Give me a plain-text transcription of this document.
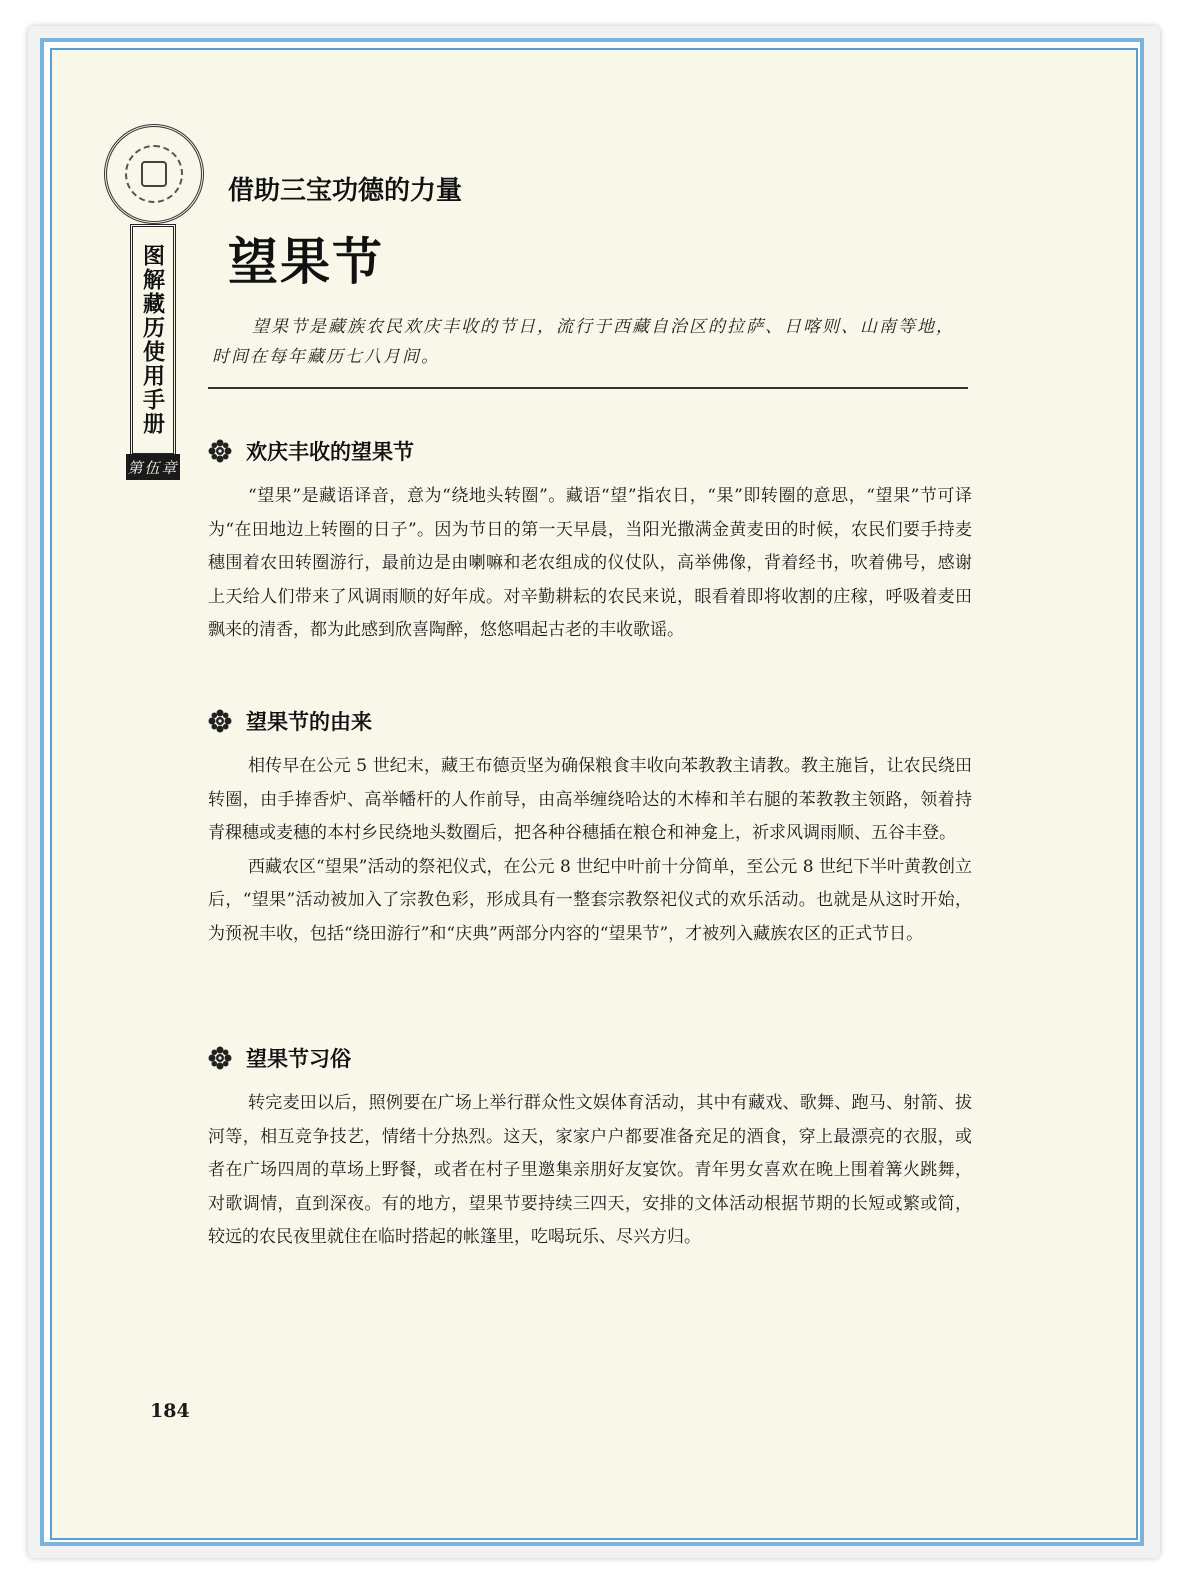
图解藏历使用手册
第伍章
借助三宝功德的力量
望果节

望果节是藏族农民欢庆丰收的节日，流行于西藏自治区的拉萨、日喀则、山南等地，时间在每年藏历七八月间。

欢庆丰收的望果节

“望果”是藏语译音，意为“绕地头转圈”。藏语“望”指农日，“果”即转圈的意思，“望果”节可译为“在田地边上转圈的日子”。因为节日的第一天早晨，当阳光撒满金黄麦田的时候，农民们要手持麦穗围着农田转圈游行，最前边是由喇嘛和老农组成的仪仗队，高举佛像，背着经书，吹着佛号，感谢上天给人们带来了风调雨顺的好年成。对辛勤耕耘的农民来说，眼看着即将收割的庄稼，呼吸着麦田飘来的清香，都为此感到欣喜陶醉，悠悠唱起古老的丰收歌谣。

望果节的由来

相传早在公元 5 世纪末，藏王布德贡坚为确保粮食丰收向苯教教主请教。教主施旨，让农民绕田转圈，由手捧香炉、高举幡杆的人作前导，由高举缠绕哈达的木棒和羊右腿的苯教教主领路，领着持青稞穗或麦穗的本村乡民绕地头数圈后，把各种谷穗插在粮仓和神龛上，祈求风调雨顺、五谷丰登。

西藏农区“望果”活动的祭祀仪式，在公元 8 世纪中叶前十分简单，至公元 8 世纪下半叶黄教创立后，“望果”活动被加入了宗教色彩，形成具有一整套宗教祭祀仪式的欢乐活动。也就是从这时开始，为预祝丰收，包括“绕田游行”和“庆典”两部分内容的“望果节”，才被列入藏族农区的正式节日。

望果节习俗

转完麦田以后，照例要在广场上举行群众性文娱体育活动，其中有藏戏、歌舞、跑马、射箭、拔河等，相互竞争技艺，情绪十分热烈。这天，家家户户都要准备充足的酒食，穿上最漂亮的衣服，或者在广场四周的草场上野餐，或者在村子里邀集亲朋好友宴饮。青年男女喜欢在晚上围着篝火跳舞，对歌调情，直到深夜。有的地方，望果节要持续三四天，安排的文体活动根据节期的长短或繁或简，较远的农民夜里就住在临时搭起的帐篷里，吃喝玩乐、尽兴方归。

184
